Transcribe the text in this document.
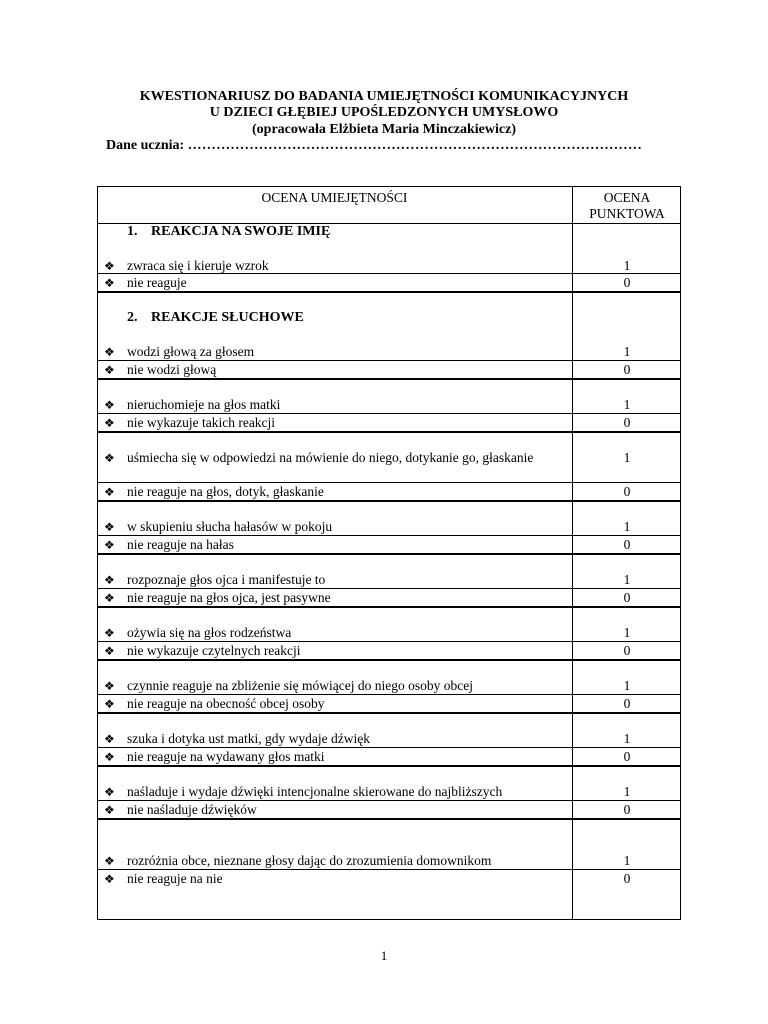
KWESTIONARIUSZ DO BADANIA UMIEJĘTNOŚCI KOMUNIKACYJNYCH
U DZIECI GŁĘBIEJ UPOŚLEDZONYCH UMYSŁOWO
(opracowała Elżbieta Maria Minczakiewicz)
Dane ucznia: ……………………………………………………………………………………
OCENA UMIEJĘTNOŚCI	OCENA
PUNKTOWA
1. REAKCJA NA SWOJE IMIĘ
❖ zwraca się i kieruje wzrok	1
❖ nie reaguje	0
2. REAKCJE SŁUCHOWE
❖ wodzi głową za głosem	1
❖ nie wodzi głową	0
❖ nieruchomieje na głos matki	1
❖ nie wykazuje takich reakcji	0
❖ uśmiecha się w odpowiedzi na mówienie do niego, dotykanie go, głaskanie	1
❖ nie reaguje na głos, dotyk, głaskanie	0
❖ w skupieniu słucha hałasów w pokoju	1
❖ nie reaguje na hałas	0
❖ rozpoznaje głos ojca i manifestuje to	1
❖ nie reaguje na głos ojca, jest pasywne	0
❖ ożywia się na głos rodzeństwa	1
❖ nie wykazuje czytelnych reakcji	0
❖ czynnie reaguje na zbliżenie się mówiącej do niego osoby obcej	1
❖ nie reaguje na obecność obcej osoby	0
❖ szuka i dotyka ust matki, gdy wydaje dźwięk	1
❖ nie reaguje na wydawany głos matki	0
❖ naśladuje i wydaje dźwięki intencjonalne skierowane do najbliższych	1
❖ nie naśladuje dźwięków	0
❖ rozróżnia obce, nieznane głosy dając do zrozumienia domownikom	1
❖ nie reaguje na nie	0
1
